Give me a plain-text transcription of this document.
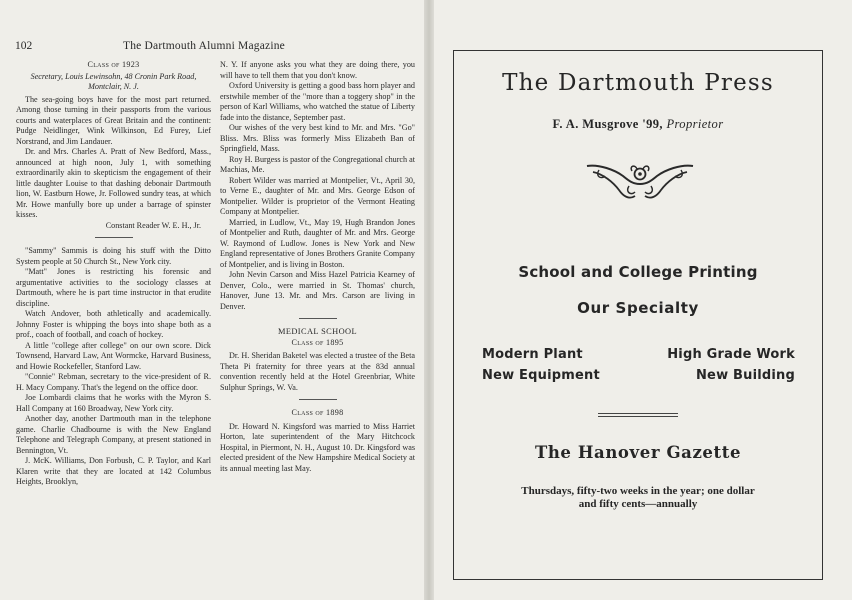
102	The Dartmouth Alumni Magazine

Class of 1923

Secretary, Louis Lewinsohn, 48 Cronin Park Road, Montclair, N. J.

The sea-going boys have for the most part returned. Among those turning in their passports from the various courts and waterplaces of Great Britain and the continent: Pudge Neidlinger, Wink Wilkinson, Ed Furey, Lief Norstrand, and Jim Landauer.

Dr. and Mrs. Charles A. Pratt of New Bedford, Mass., announced at high noon, July 1, with something extraordinarily akin to skepticism the engagement of their little daughter Louise to that dashing debonair Dartmouth lion, W. Eastburn Howe, Jr. Followed sundry teas, at which Mr. Howe manfully bore up under a barrage of spinster kisses.

Constant Reader W. E. H., Jr.

"Sammy" Sammis is doing his stuff with the Ditto System people at 50 Church St., New York city.

"Matt" Jones is restricting his forensic and argumentative activities to the sociology classes at Dartmouth, where he is part time instructor in that erudite discipline.

Watch Andover, both athletically and academically. Johnny Foster is whipping the boys into shape both as a prof., coach of football, and coach of hockey.

A little "college after college" on our own score. Dick Townsend, Harvard Law, Ant Wormcke, Harvard Business, and Howie Rockefeller, Stanford Law.

"Connie" Rebman, secretary to the vice-president of R. H. Macy Company. That's the legend on the office door.

Joe Lombardi claims that he works with the Myron S. Hall Company at 160 Broadway, New York city.

Another day, another Dartmouth man in the telephone game. Charlie Chadbourne is with the New England Telephone and Telegraph Company, at present stationed in Bennington, Vt.

J. McK. Williams, Don Forbush, C. P. Taylor, and Karl Klaren write that they are located at 142 Columbus Heights, Brooklyn,

N. Y. If anyone asks you what they are doing there, you will have to tell them that you don't know.

Oxford University is getting a good bass horn player and erstwhile member of the "more than a toggery shop" in the person of Karl Williams, who watched the statue of Liberty fade into the distance, September past.

Our wishes of the very best kind to Mr. and Mrs. "Go" Bliss. Mrs. Bliss was formerly Miss Elizabeth Ban of Springfield, Mass.

Roy H. Burgess is pastor of the Congregational church at Machias, Me.

Robert Wilder was married at Montpelier, Vt., April 30, to Verne E., daughter of Mr. and Mrs. George Edson of Montpelier. Wilder is proprietor of the Vermont Heating Company at Montpelier.

Married, in Ludlow, Vt., May 19, Hugh Brandon Jones of Montpelier and Ruth, daughter of Mr. and Mrs. George W. Raymond of Ludlow. Jones is New York and New England representative of Jones Brothers Granite Company of Montpelier, and is living in Boston.

John Nevin Carson and Miss Hazel Patricia Kearney of Denver, Colo., were married in St. Thomas' church, Hanover, June 13. Mr. and Mrs. Carson are living in Denver.

MEDICAL SCHOOL

Class of 1895

Dr. H. Sheridan Baketel was elected a trustee of the Beta Theta Pi fraternity for three years at the 83d annual convention recently held at the Hotel Greenbriar, White Sulphur Springs, W. Va.

Class of 1898

Dr. Howard N. Kingsford was married to Miss Harriet Horton, late superintendent of the Mary Hitchcock Hospital, in Piermont, N. H., August 10. Dr. Kingsford was elected president of the New Hampshire Medical Society at its annual meeting last May.

The Dartmouth Press
F. A. Musgrove '99, Proprietor
School and College Printing
Our Specialty
Modern Plant
New Equipment
High Grade Work
New Building
The Hanover Gazette
Thursdays, fifty-two weeks in the year; one dollar
and fifty cents—annually
